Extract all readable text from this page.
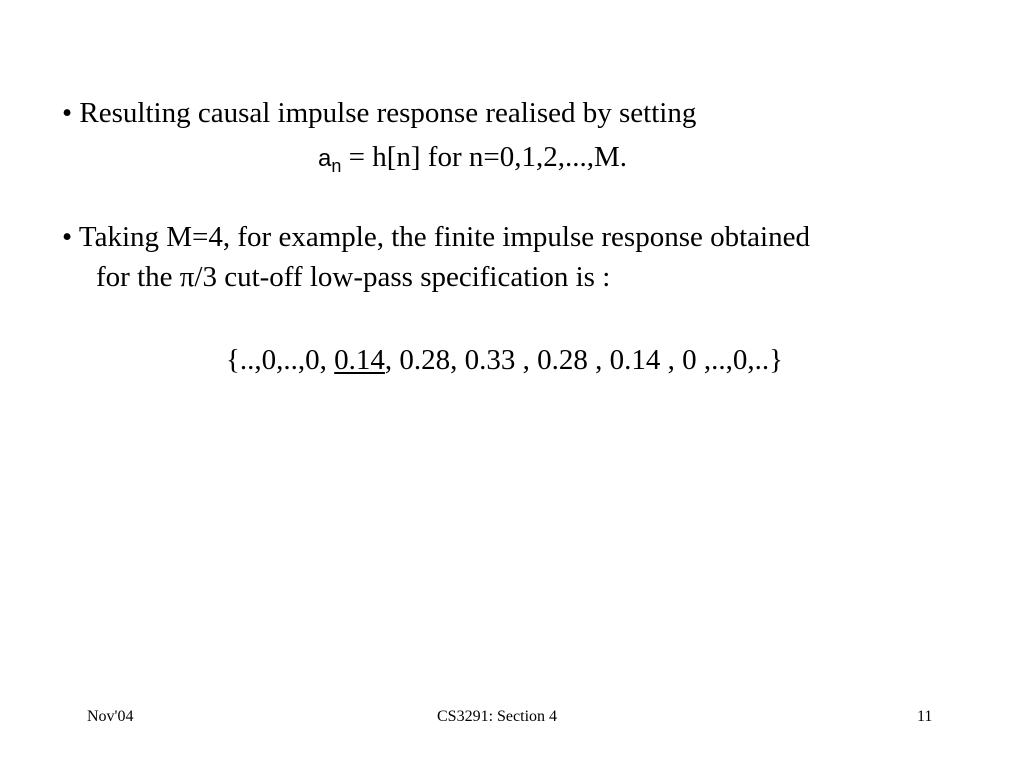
• Resulting causal impulse response realised by setting
$a_n = h[n]$ for n=0,1,2,...,M.
• Taking M=4, for example, the finite impulse response obtained
for the π/3 cut-off low-pass specification is :
{..,0,..,0, 0.14, 0.28, 0.33 , 0.28 , 0.14 , 0 ,..,0,..}
Nov'04	CS3291: Section 4	11
